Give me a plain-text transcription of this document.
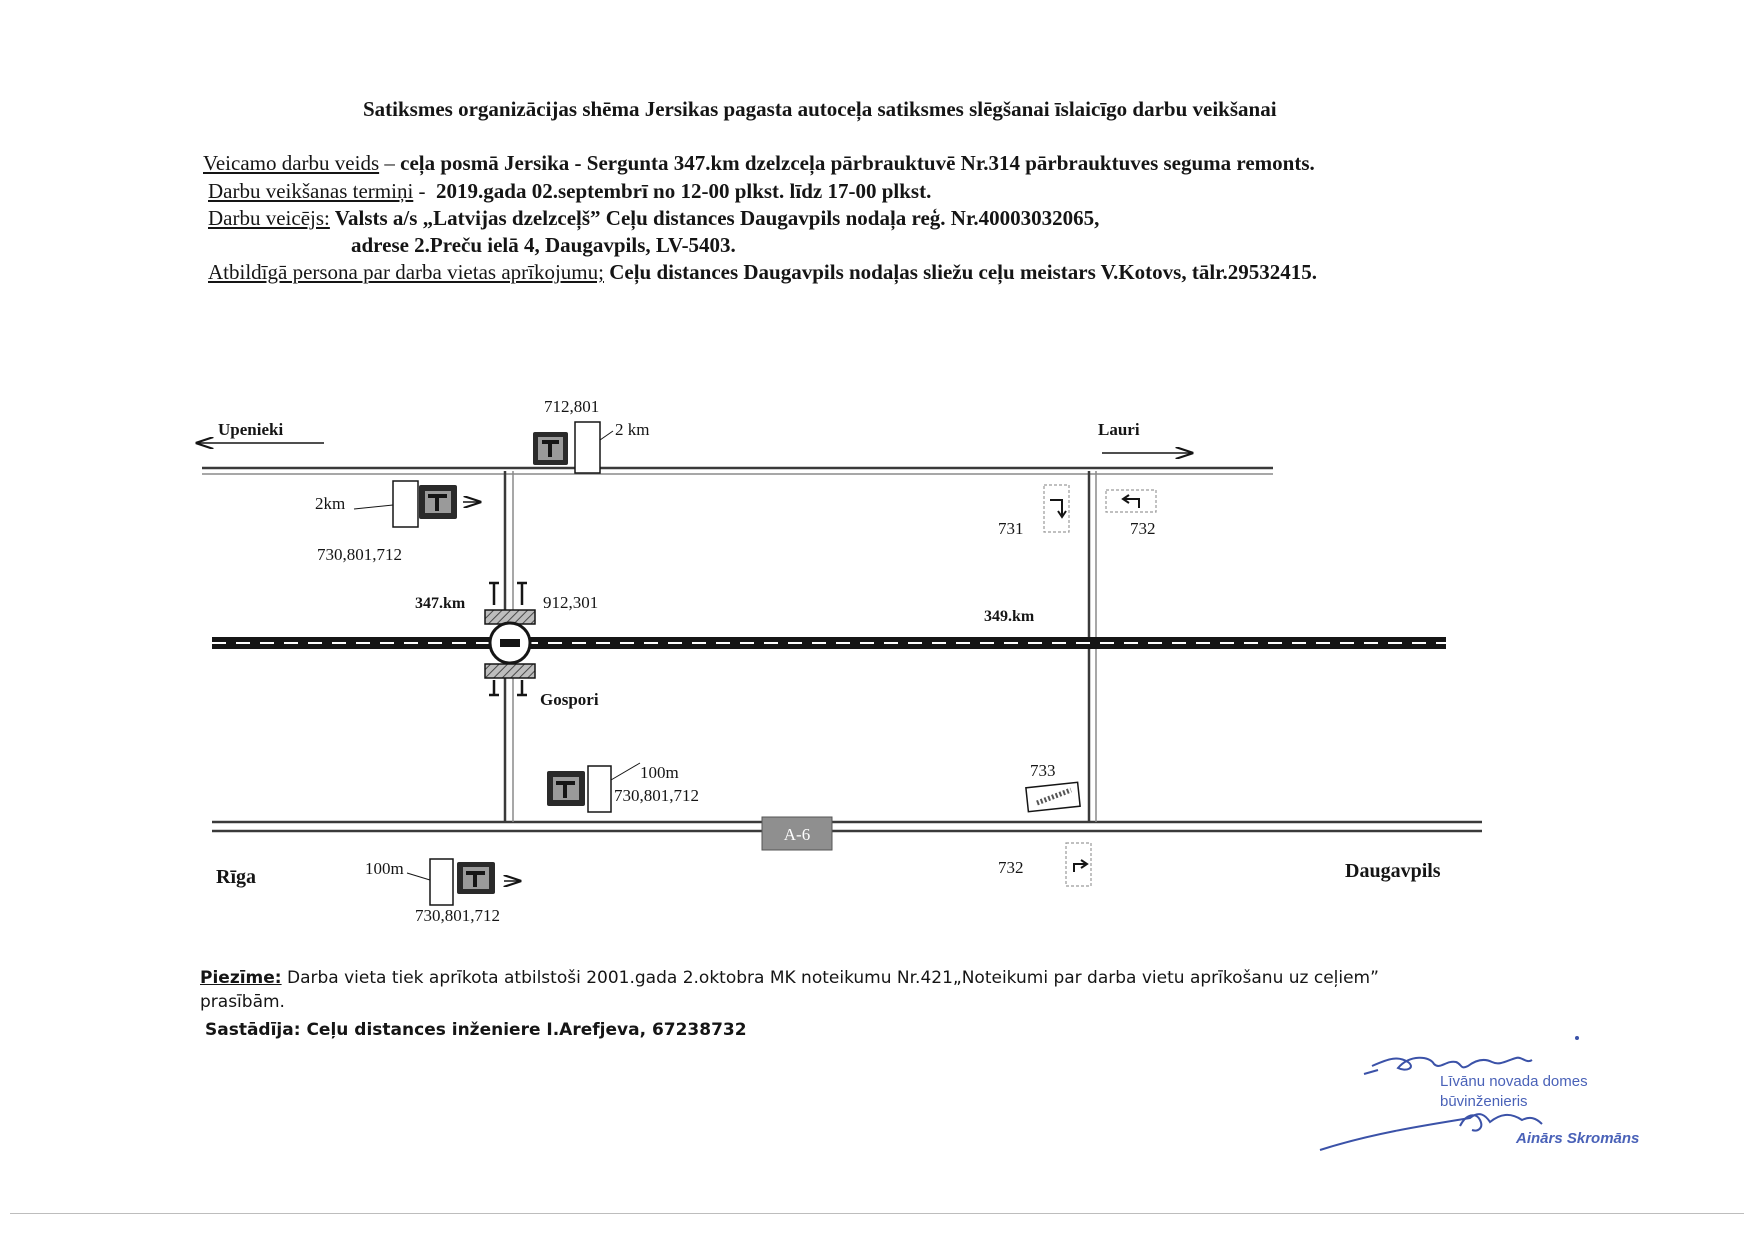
Satiksmes organizācijas shēma Jersikas pagasta autoceļa satiksmes slēgšanai īslaicīgo darbu veikšanai
Veicamo darbu veids – ceļa posmā Jersika - Sergunta 347.km dzelzceļa pārbrauktuvē Nr.314 pārbrauktuves seguma remonts.
Darbu veikšanas termiņi -  2019.gada 02.septembrī no 12-00 plkst. līdz 17-00 plkst.
Darbu veicējs: Valsts a/s „Latvijas dzelzceļš” Ceļu distances Daugavpils nodaļa reģ. Nr.40003032065,
adrese 2.Preču ielā 4, Daugavpils, LV-5403.
Atbildīgā persona par darba vietas aprīkojumu; Ceļu distances Daugavpils nodaļas sliežu ceļu meistars V.Kotovs, tālr.29532415.
A-6
Upenieki	Lauri
Rīga	Daugavpils
Gospori
347.km
349.km
712,801
2 km
2km
730,801,712
912,301
100m
730,801,712
100m
730,801,712
731	732
733
732
Piezīme: Darba vieta tiek aprīkota atbilstoši 2001.gada 2.oktobra MK noteikumu Nr.421„Noteikumi par darba vietu aprīkošanu uz ceļiem”
prasībām.
Sastādīja: Ceļu distances inženiere I.Arefjeva, 67238732
Līvānu novada domes
būvinženieris
Ainārs Skromāns
